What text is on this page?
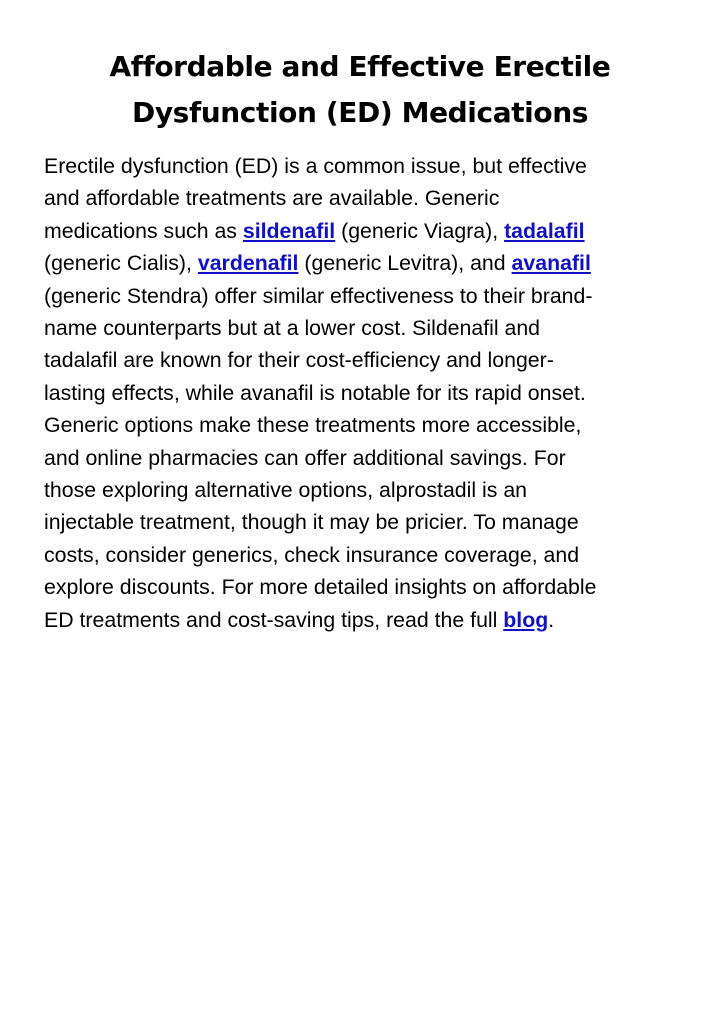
Affordable and Effective Erectile
Dysfunction (ED) Medications

Erectile dysfunction (ED) is a common issue, but effective
and affordable treatments are available. Generic
medications such as sildenafil (generic Viagra), tadalafil
(generic Cialis), vardenafil (generic Levitra), and avanafil
(generic Stendra) offer similar effectiveness to their brand-
name counterparts but at a lower cost. Sildenafil and
tadalafil are known for their cost-efficiency and longer-
lasting effects, while avanafil is notable for its rapid onset.
Generic options make these treatments more accessible,
and online pharmacies can offer additional savings. For
those exploring alternative options, alprostadil is an
injectable treatment, though it may be pricier. To manage
costs, consider generics, check insurance coverage, and
explore discounts. For more detailed insights on affordable
ED treatments and cost-saving tips, read the full blog.
